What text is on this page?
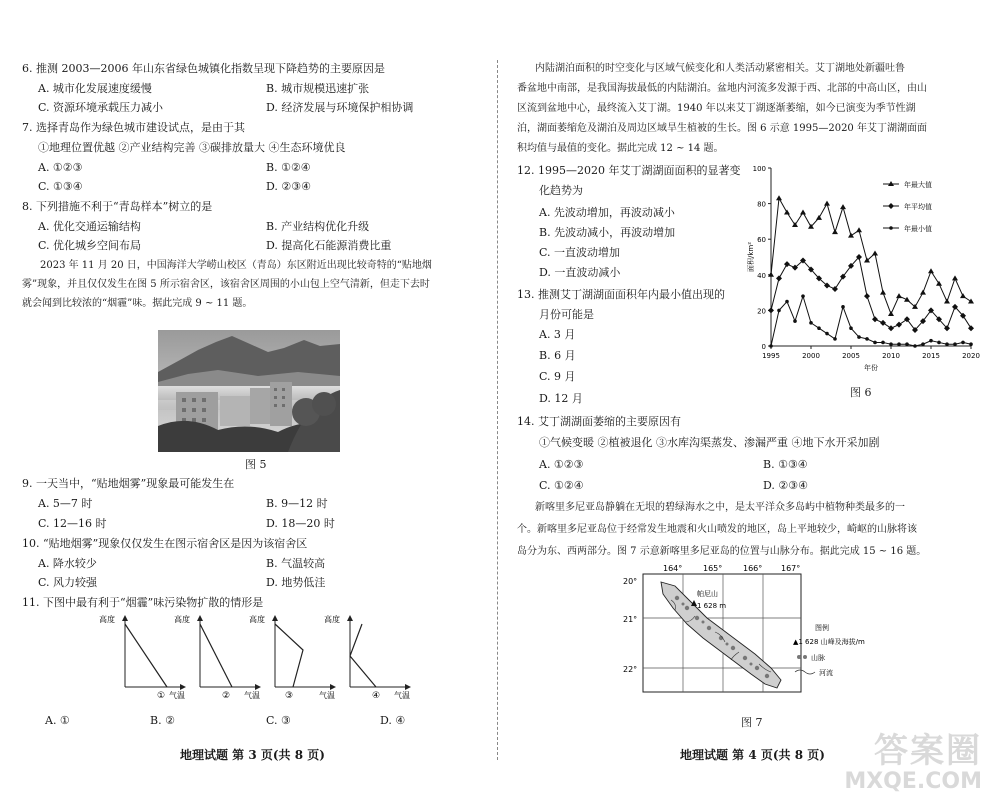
6. 推测 2003—2006 年山东省绿色城镇化指数呈现下降趋势的主要原因是
A. 城市化发展速度缓慢	B. 城市规模迅速扩张
C. 资源环境承载压力减小	D. 经济发展与环境保护相协调
7. 选择青岛作为绿色城市建设试点，是由于其
①地理位置优越 ②产业结构完善 ③碳排放量大 ④生态环境优良
A. ①②③	B. ①②④
C. ①③④	D. ②③④
8. 下列措施不利于“青岛样本”树立的是
A. 优化交通运输结构	B. 产业结构优化升级
C. 优化城乡空间布局	D. 提高化石能源消费比重
2023 年 11 月 20 日，中国海洋大学崂山校区（青岛）东区附近出现比较奇特的“贴地烟
雾”现象，并且仅仅发生在图 5 所示宿舍区，该宿舍区周围的小山包上空气清新，但走下去时
就会闻到比较浓的“烟霾”味。据此完成 9 ~ 11 题。
图 5
9. 一天当中，“贴地烟雾”现象最可能发生在
A. 5—7 时	B. 9—12 时
C. 12—16 时	D. 18—20 时
10. “贴地烟雾”现象仅仅发生在图示宿舍区是因为该宿舍区
A. 降水较少	B. 气温较高
C. 风力较强	D. 地势低洼
11. 下图中最有利于“烟霾”味污染物扩散的情形是
高度
气温
①
高度
气温
②
高度
气温
③
高度
气温
④
A. ①	B. ②	C. ③	D. ④
地理试题 第 3 页(共 8 页)
内陆湖泊面积的时空变化与区域气候变化和人类活动紧密相关。艾丁湖地处新疆吐鲁
番盆地中南部，是我国海拔最低的内陆湖泊。盆地内河流多发源于西、北部的中高山区，由山
区流到盆地中心，最终流入艾丁湖。1940 年以来艾丁湖逐渐萎缩，如今已演变为季节性湖
泊，湖面萎缩危及湖泊及周边区域旱生植被的生长。图 6 示意 1995—2020 年艾丁湖湖面面
积均值与最值的变化。据此完成 12 ~ 14 题。
12. 1995—2020 年艾丁湖湖面面积的显著变
化趋势为
A. 先波动增加，再波动减小
B. 先波动减小，再波动增加
C. 一直波动增加
D. 一直波动减小
13. 推测艾丁湖湖面面积年内最小值出现的
月份可能是
A. 3 月
B. 6 月
C. 9 月
D. 12 月
0
20
40
60
80
100
1995	2000	2005	2010	2015	2020
年份
面积/km²
年最大值
年平均值
年最小值
图 6
14. 艾丁湖湖面萎缩的主要原因有
①气候变暖 ②植被退化 ③水库沟渠蒸发、渗漏严重 ④地下水开采加剧
A. ①②③	B. ①③④
C. ①②④	D. ②③④
新喀里多尼亚岛静躺在无垠的碧绿海水之中，是太平洋众多岛屿中植物种类最多的一
个。新喀里多尼亚岛位于经常发生地震和火山喷发的地区，岛上平地较少，崎岖的山脉将该
岛分为东、西两部分。图 7 示意新喀里多尼亚岛的位置与山脉分布。据此完成 15 ~ 16 题。
164°	165°	166° 167°
20°
21°
22°
帕尼山
1 628 m
图例
▲1 628 山峰及海拔/m
山脉
河流
图 7
地理试题 第 4 页(共 8 页) 答案圈
MXQE.COM
